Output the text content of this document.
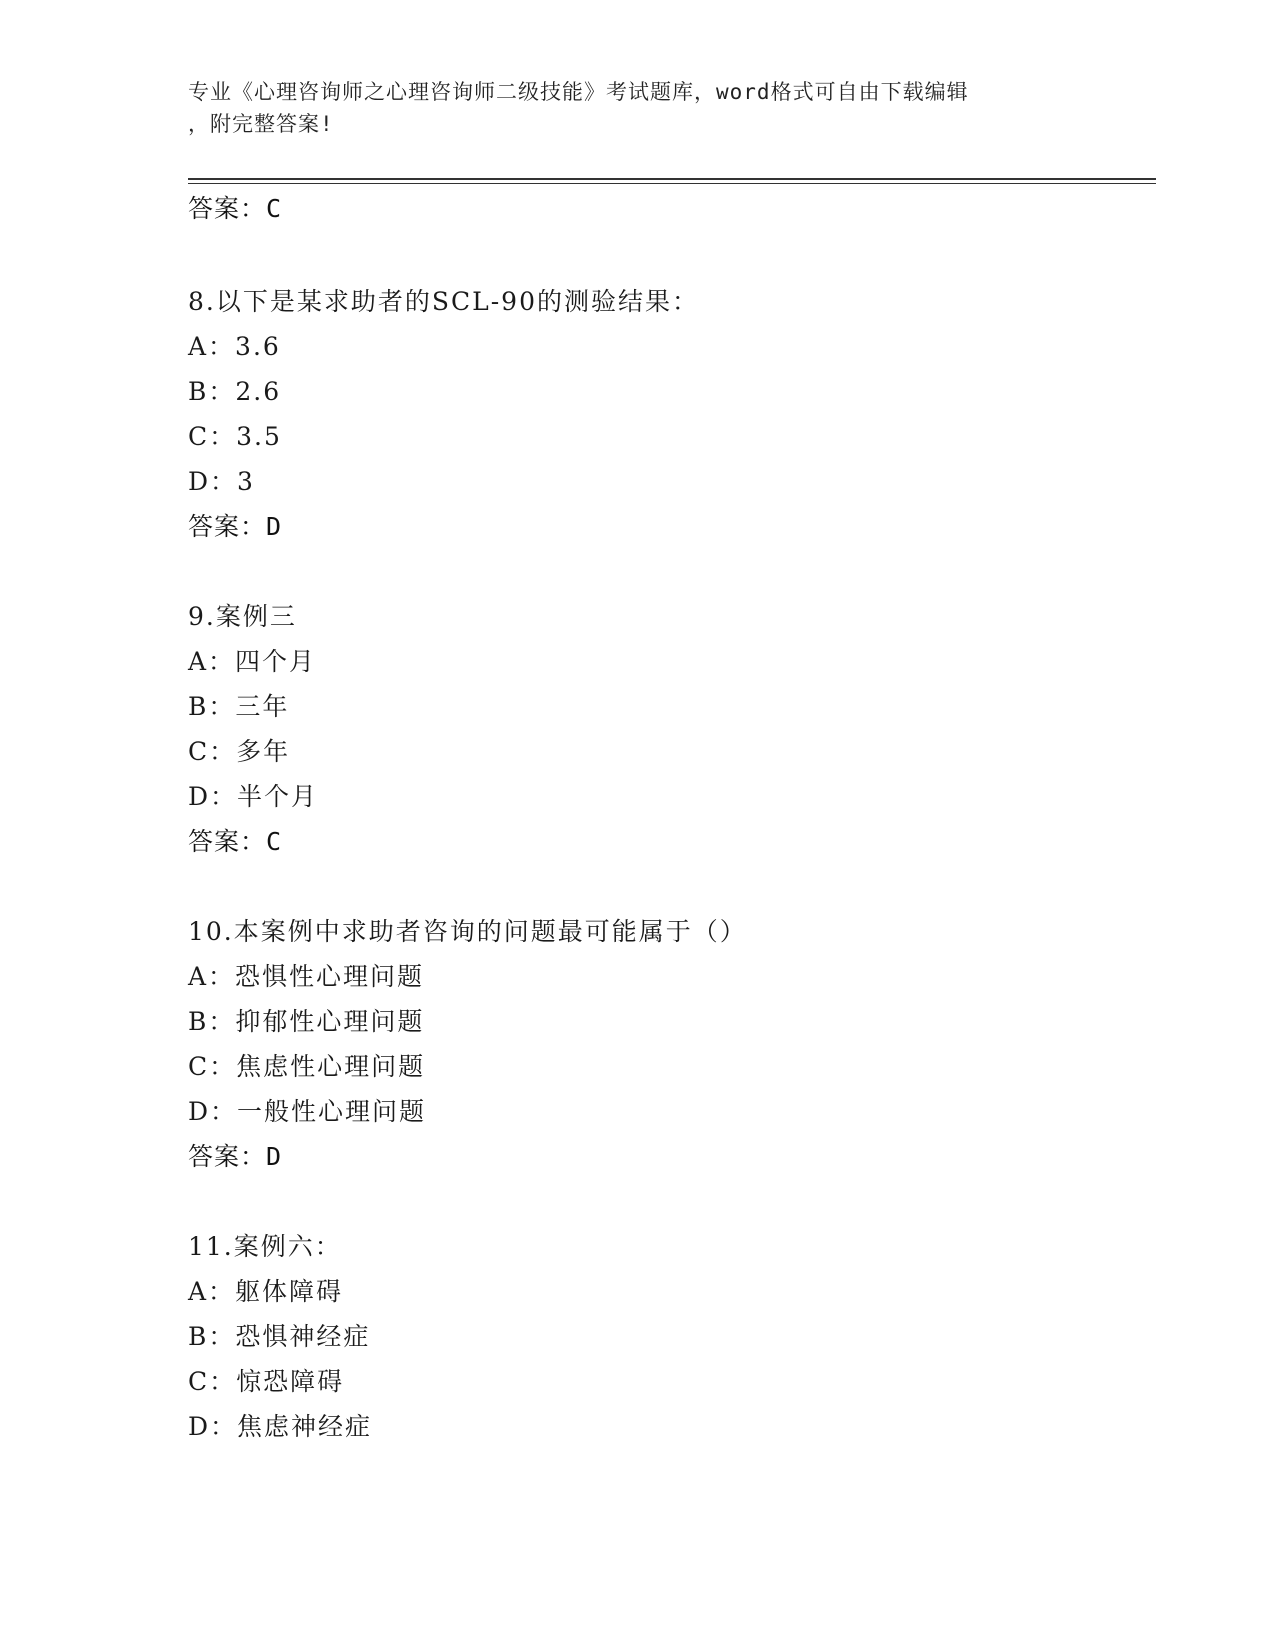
专业《心理咨询师之心理咨询师二级技能》考试题库，word格式可自由下载编辑
，附完整答案!
答案：C
8.以下是某求助者的SCL-90的测验结果：
A：3.6
B：2.6
C：3.5
D：3
答案：D
9.案例三
A：四个月
B：三年
C：多年
D：半个月
答案：C
10.本案例中求助者咨询的问题最可能属于（）
A：恐惧性心理问题
B：抑郁性心理问题
C：焦虑性心理问题
D：一般性心理问题
答案：D
11.案例六：
A：躯体障碍
B：恐惧神经症
C：惊恐障碍
D：焦虑神经症
